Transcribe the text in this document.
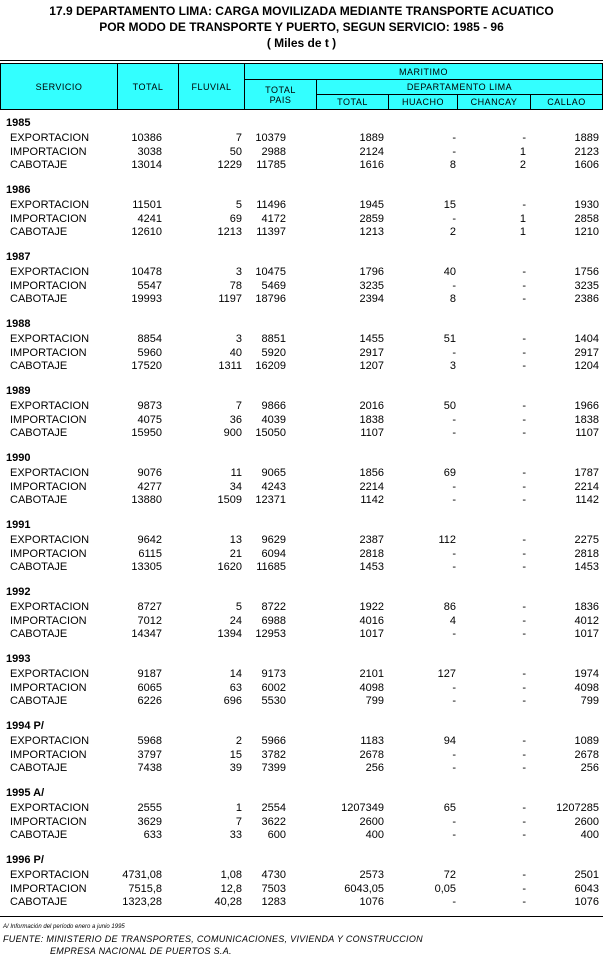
17.9 DEPARTAMENTO LIMA: CARGA MOVILIZADA MEDIANTE TRANSPORTE ACUATICO
POR MODO DE TRANSPORTE Y PUERTO, SEGUN SERVICIO: 1985 - 96
( Miles de t )
SERVICIO	TOTAL	FLUVIAL
MARITIMO
TOTAL
PAIS
DEPARTAMENTO LIMA
TOTAL	HUACHO	CHANCAY	CALLAO
1985
EXPORTACION	10386	7 10379	1889	-	-	1889
IMPORTACION	3038	50 2988	2124	-	1	2123
CABOTAJE	13014	1229 11785	1616	8	2	1606
1986
EXPORTACION	11501	5 11496	1945	15	-	1930
IMPORTACION	4241	69 4172	2859	-	1	2858
CABOTAJE	12610	1213 11397	1213	2	1	1210
1987
EXPORTACION	10478	3 10475	1796	40	-	1756
IMPORTACION	5547	78 5469	3235	-	-	3235
CABOTAJE	19993	1197 18796	2394	8	-	2386
1988
EXPORTACION	8854	3 8851	1455	51	-	1404
IMPORTACION	5960	40 5920	2917	-	-	2917
CABOTAJE	17520	1311 16209	1207	3	-	1204
1989
EXPORTACION	9873	7 9866	2016	50	-	1966
IMPORTACION	4075	36 4039	1838	-	-	1838
CABOTAJE	15950	900 15050	1107	-	-	1107
1990
EXPORTACION	9076	11 9065	1856	69	-	1787
IMPORTACION	4277	34 4243	2214	-	-	2214
CABOTAJE	13880	1509 12371	1142	-	-	1142
1991
EXPORTACION	9642	13 9629	2387	112	-	2275
IMPORTACION	6115	21 6094	2818	-	-	2818
CABOTAJE	13305	1620 11685	1453	-	-	1453
1992
EXPORTACION	8727	5 8722	1922	86	-	1836
IMPORTACION	7012	24 6988	4016	4	-	4012
CABOTAJE	14347	1394 12953	1017	-	-	1017
1993
EXPORTACION	9187	14 9173	2101	127	-	1974
IMPORTACION	6065	63 6002	4098	-	-	4098
CABOTAJE	6226	696 5530	799	-	-	799
1994 P/
EXPORTACION	5968	2 5966	1183	94	-	1089
IMPORTACION	3797	15 3782	2678	-	-	2678
CABOTAJE	7438	39 7399	256	-	-	256
1995 A/
EXPORTACION	2555	1 2554	1207349	65	-	1207285
IMPORTACION	3629	7 3622	2600	-	-	2600
CABOTAJE	633	33 600	400	-	-	400
1996 P/
EXPORTACION	4731,08	1,08 4730	2573	72	-	2501
IMPORTACION	7515,8	12,8 7503	6043,05	0,05	-	6043
CABOTAJE	1323,28	40,28 1283	1076	-	-	1076
A/ Información del período enero a junio 1995
FUENTE: MINISTERIO DE TRANSPORTES, COMUNICACIONES, VIVIENDA Y CONSTRUCCION
EMPRESA NACIONAL DE PUERTOS S.A.
